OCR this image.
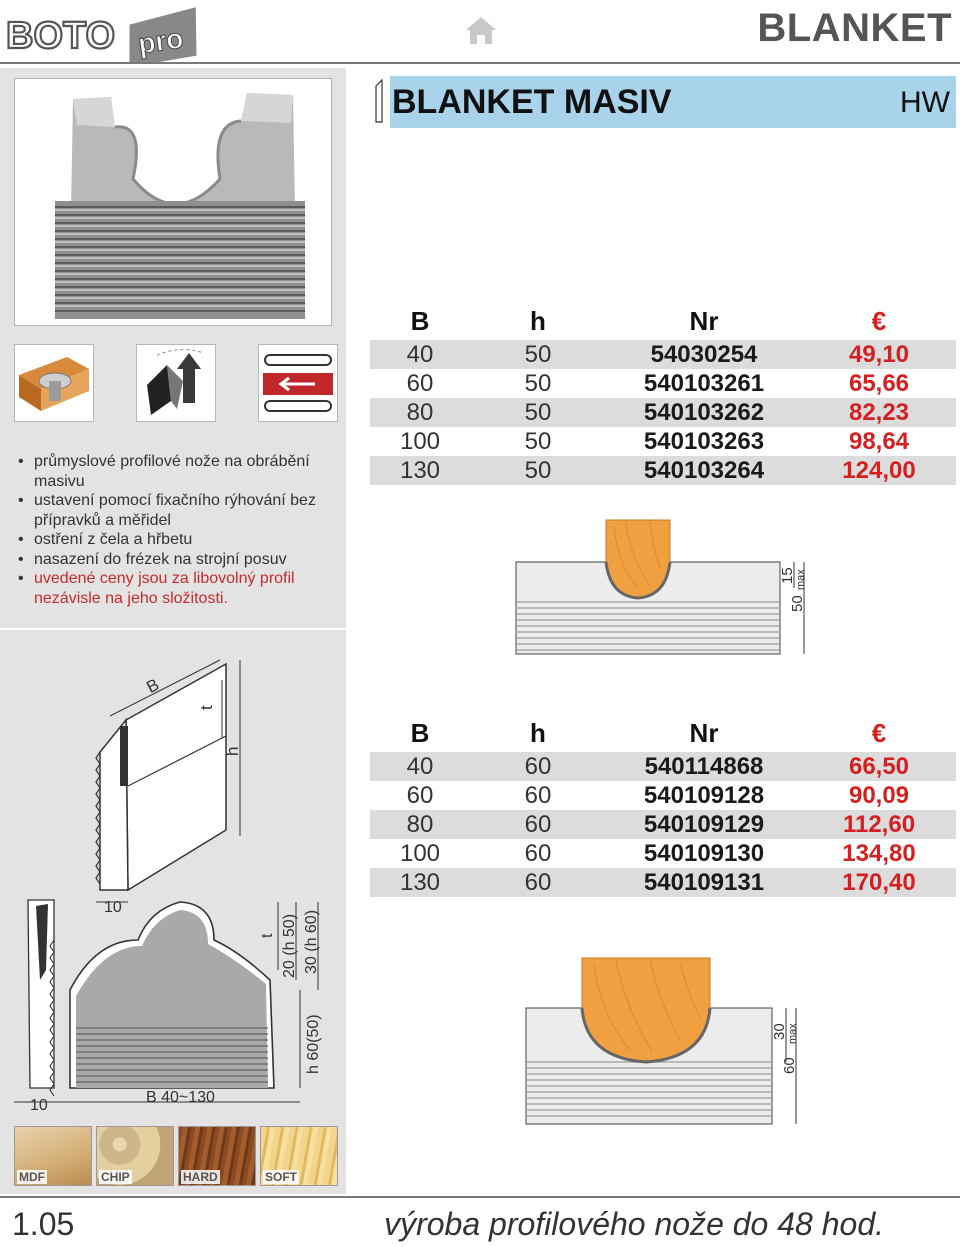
BOTO pro	BLANKET
• průmyslové profilové nože na obrábění masivu
• ustavení pomocí fixačního rýhování bez přípravků a měřidel
• ostření z čela a hřbetu
• nasazení do frézek na strojní posuv
• uvedené ceny jsou za libovolný profil nezávisle na jeho složitosti.
B
t
h
10
t 20 (h 50) 30 (h 60)
h 60(50)
10	B 40~130
MDF	CHIP	HARD	SOFT
BLANKET MASIV	HW
B	h	Nr	€
40	50	54030254	49,10
60	50	540103261	65,66
80	50	540103262	82,23
100	50	540103263	98,64
130	50	540103264	124,00
15 max
50
B	h	Nr	€
40	60	540114868	66,50
60	60	540109128	90,09
80	60	540109129	112,60
100	60	540109130	134,80
130	60	540109131	170,40
30 max
60
1.05	výroba profilového nože do 48 hod.
